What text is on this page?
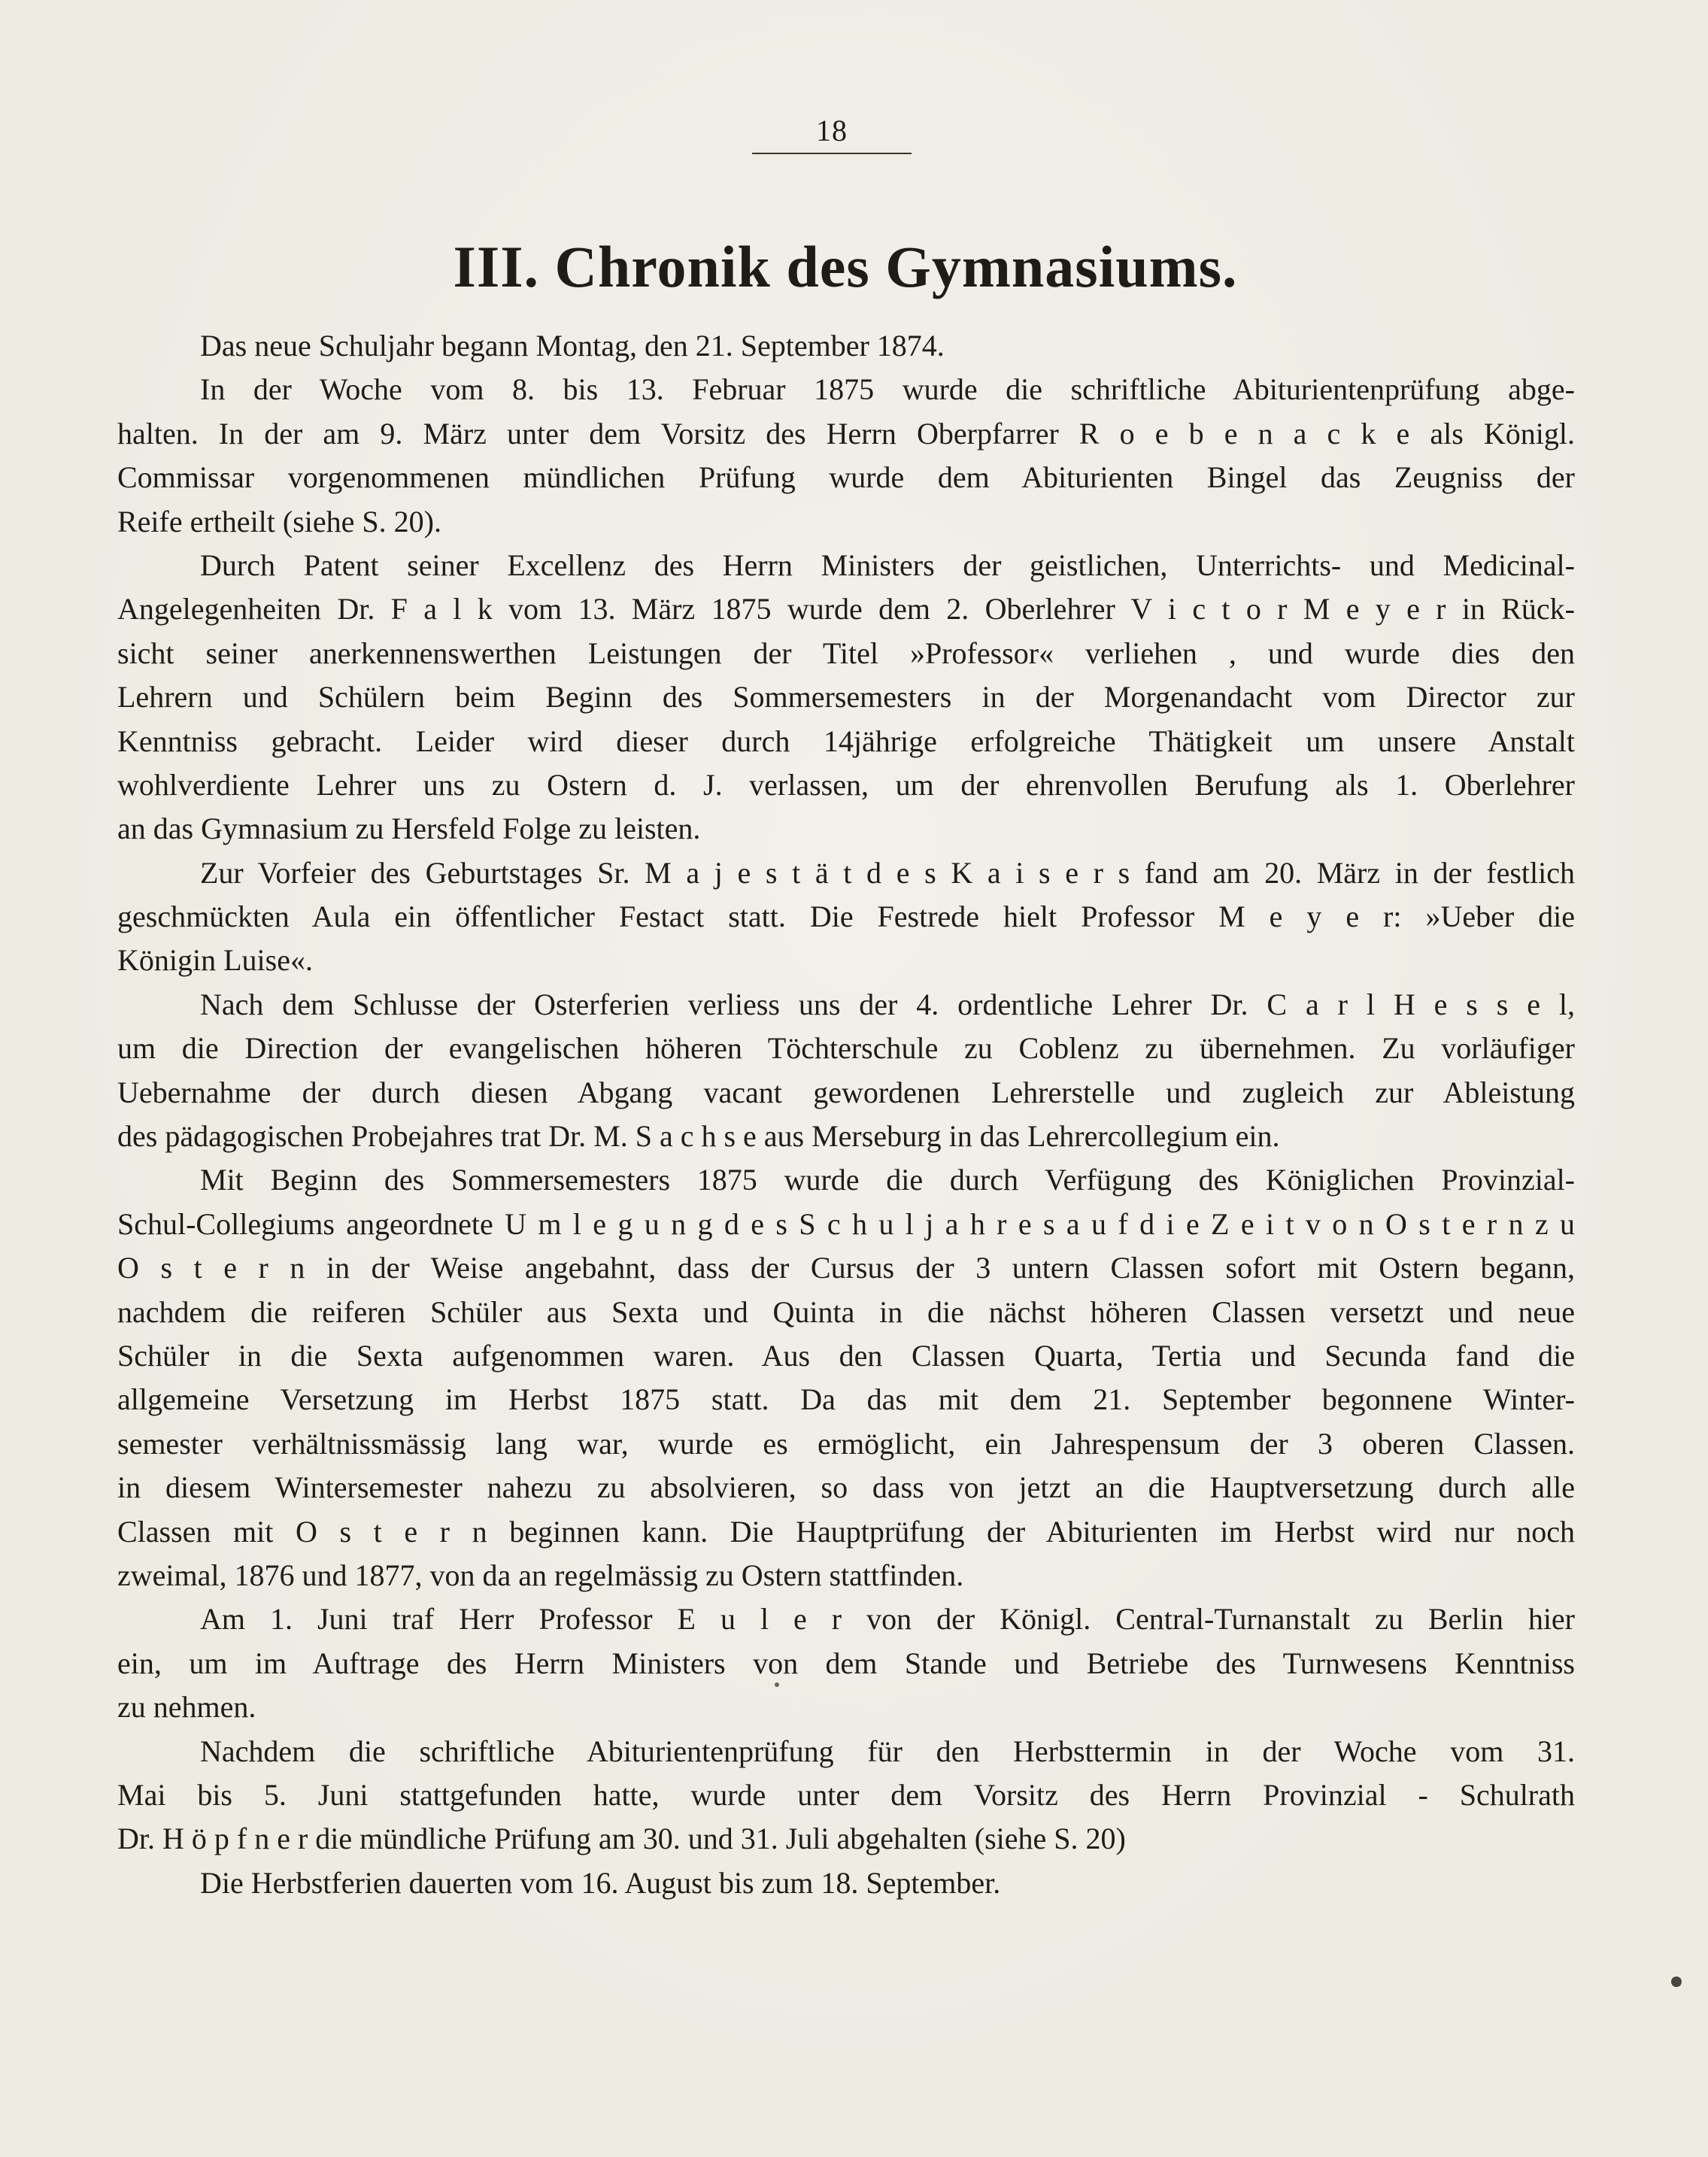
18
III. Chronik des Gymnasiums.
Das neue Schuljahr begann Montag, den 21. September 1874.
In der Woche vom 8. bis 13. Februar 1875 wurde die schriftliche Abiturientenprüfung abge-
halten. In der am 9. März unter dem Vorsitz des Herrn Oberpfarrer R o e b e n a c k e als Königl.
Commissar vorgenommenen mündlichen Prüfung wurde dem Abiturienten Bingel das Zeugniss der
Reife ertheilt (siehe S. 20).
Durch Patent seiner Excellenz des Herrn Ministers der geistlichen, Unterrichts- und Medicinal-
Angelegenheiten Dr. F a l k vom 13. März 1875 wurde dem 2. Oberlehrer V i c t o r M e y e r in Rück-
sicht seiner anerkennenswerthen Leistungen der Titel »Professor« verliehen , und wurde dies den
Lehrern und Schülern beim Beginn des Sommersemesters in der Morgenandacht vom Director zur
Kenntniss gebracht. Leider wird dieser durch 14jährige erfolgreiche Thätigkeit um unsere Anstalt
wohlverdiente Lehrer uns zu Ostern d. J. verlassen, um der ehrenvollen Berufung als 1. Oberlehrer
an das Gymnasium zu Hersfeld Folge zu leisten.
Zur Vorfeier des Geburtstages Sr. M a j e s t ä t d e s K a i s e r s fand am 20. März in der festlich
geschmückten Aula ein öffentlicher Festact statt. Die Festrede hielt Professor M e y e r: »Ueber die
Königin Luise«.
Nach dem Schlusse der Osterferien verliess uns der 4. ordentliche Lehrer Dr. C a r l H e s s e l,
um die Direction der evangelischen höheren Töchterschule zu Coblenz zu übernehmen. Zu vorläufiger
Uebernahme der durch diesen Abgang vacant gewordenen Lehrerstelle und zugleich zur Ableistung
des pädagogischen Probejahres trat Dr. M. S a c h s e aus Merseburg in das Lehrercollegium ein.
Mit Beginn des Sommersemesters 1875 wurde die durch Verfügung des Königlichen Provinzial-
Schul-Collegiums angeordnete U m l e g u n g d e s S c h u l j a h r e s a u f d i e Z e i t v o n O s t e r n z u
O s t e r n in der Weise angebahnt, dass der Cursus der 3 untern Classen sofort mit Ostern begann,
nachdem die reiferen Schüler aus Sexta und Quinta in die nächst höheren Classen versetzt und neue
Schüler in die Sexta aufgenommen waren. Aus den Classen Quarta, Tertia und Secunda fand die
allgemeine Versetzung im Herbst 1875 statt. Da das mit dem 21. September begonnene Winter-
semester verhältnissmässig lang war, wurde es ermöglicht, ein Jahrespensum der 3 oberen Classen.
in diesem Wintersemester nahezu zu absolvieren, so dass von jetzt an die Hauptversetzung durch alle
Classen mit O s t e r n beginnen kann. Die Hauptprüfung der Abiturienten im Herbst wird nur noch
zweimal, 1876 und 1877, von da an regelmässig zu Ostern stattfinden.
Am 1. Juni traf Herr Professor E u l e r von der Königl. Central-Turnanstalt zu Berlin hier
ein, um im Auftrage des Herrn Ministers von dem Stande und Betriebe des Turnwesens Kenntniss
zu nehmen.
Nachdem die schriftliche Abiturientenprüfung für den Herbsttermin in der Woche vom 31.
Mai bis 5. Juni stattgefunden hatte, wurde unter dem Vorsitz des Herrn Provinzial - Schulrath
Dr. H ö p f n e r die mündliche Prüfung am 30. und 31. Juli abgehalten (siehe S. 20)
Die Herbstferien dauerten vom 16. August bis zum 18. September.
